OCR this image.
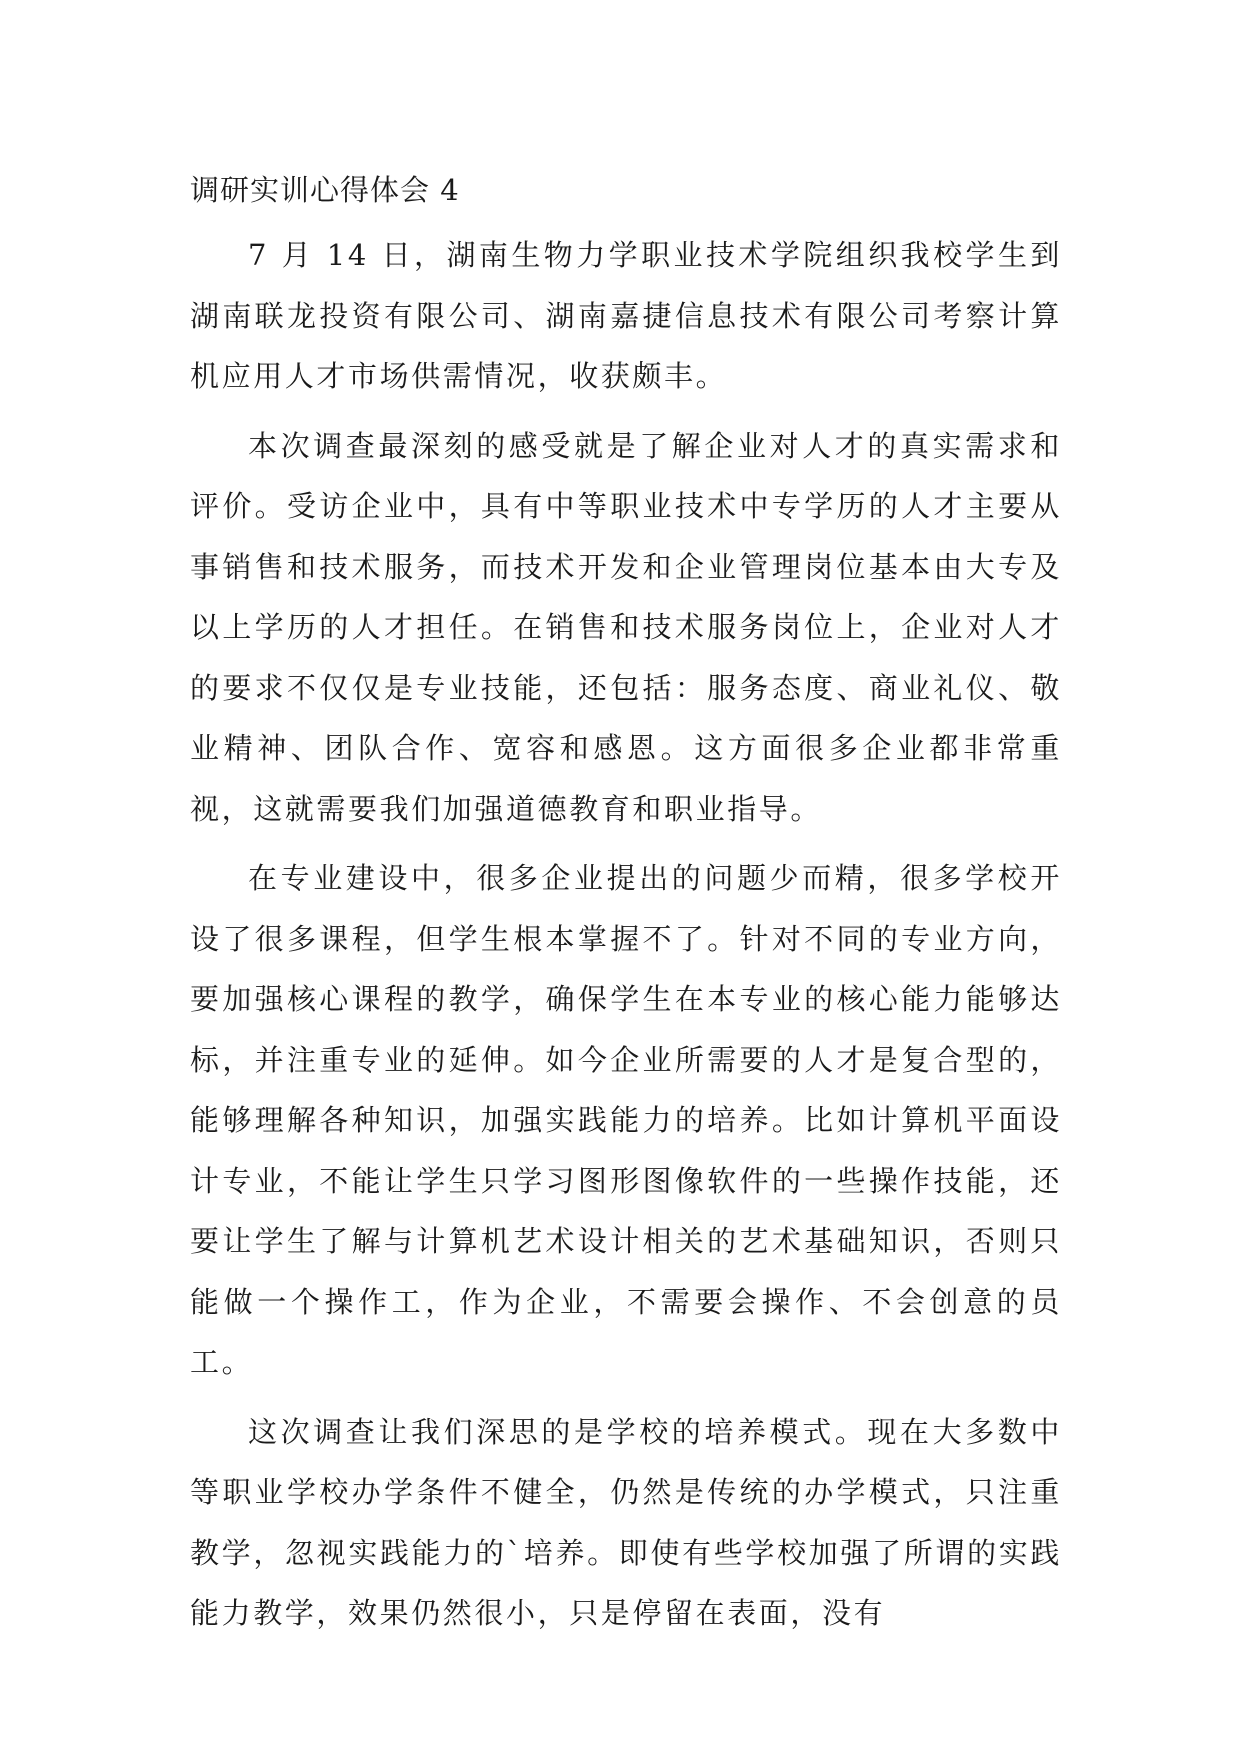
调研实训心得体会 4

7 月 14 日，湖南生物力学职业技术学院组织我校学生到湖南联龙投资有限公司、湖南嘉捷信息技术有限公司考察计算机应用人才市场供需情况，收获颇丰。

本次调查最深刻的感受就是了解企业对人才的真实需求和评价。受访企业中，具有中等职业技术中专学历的人才主要从事销售和技术服务，而技术开发和企业管理岗位基本由大专及以上学历的人才担任。在销售和技术服务岗位上，企业对人才的要求不仅仅是专业技能，还包括：服务态度、商业礼仪、敬业精神、团队合作、宽容和感恩。这方面很多企业都非常重视，这就需要我们加强道德教育和职业指导。

在专业建设中，很多企业提出的问题少而精，很多学校开设了很多课程，但学生根本掌握不了。针对不同的专业方向，要加强核心课程的教学，确保学生在本专业的核心能力能够达标，并注重专业的延伸。如今企业所需要的人才是复合型的，能够理解各种知识，加强实践能力的培养。比如计算机平面设计专业，不能让学生只学习图形图像软件的一些操作技能，还要让学生了解与计算机艺术设计相关的艺术基础知识，否则只能做一个操作工，作为企业，不需要会操作、不会创意的员工。

这次调查让我们深思的是学校的培养模式。现在大多数中等职业学校办学条件不健全，仍然是传统的办学模式，只注重教学，忽视实践能力的`培养。即使有些学校加强了所谓的实践能力教学，效果仍然很小，只是停留在表面，没有
